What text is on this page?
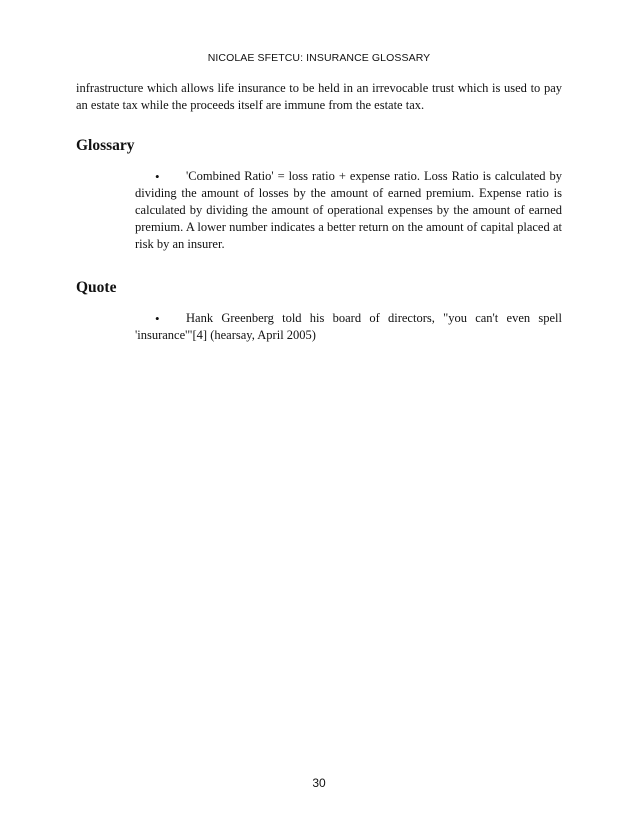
NICOLAE SFETCU: INSURANCE GLOSSARY

infrastructure which allows life insurance to be held in an irrevocable trust which is used to pay an estate tax while the proceeds itself are immune from the estate tax.

Glossary
• 'Combined Ratio' = loss ratio + expense ratio. Loss Ratio is calculated by dividing the amount of losses by the amount of earned premium. Expense ratio is calculated by dividing the amount of operational expenses by the amount of earned premium. A lower number indicates a better return on the amount of capital placed at risk by an insurer.
Quote
• Hank Greenberg told his board of directors, "you can't even spell 'insurance'"[4] (hearsay, April 2005)
30
